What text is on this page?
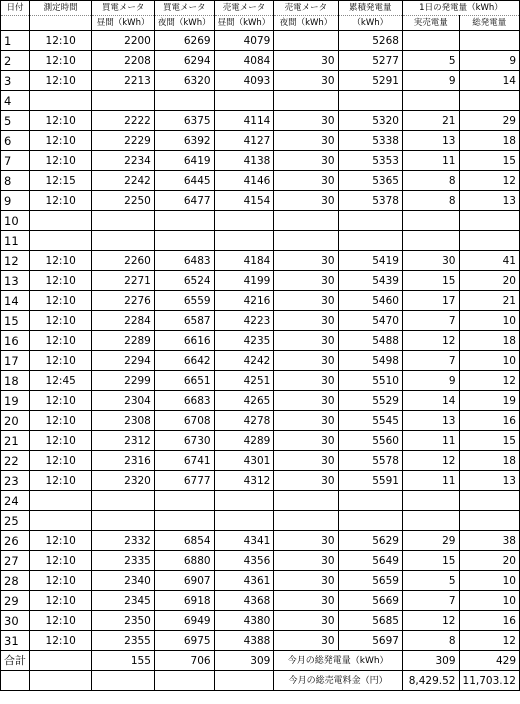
日付	測定時間	買電メータ	買電メータ	売電メータ	売電メータ	累積発電量	1日の発電量（kWh）	
		昼間（kWh）	夜間（kWh）	昼間（kWh）	夜間（kWh）	（kWh）	実売電量	総発電量
1	12:10	2200	6269	4079		5268		
2	12:10	2208	6294	4084	30	5277	5	9
3	12:10	2213	6320	4093	30	5291	9	14
4								
5	12:10	2222	6375	4114	30	5320	21	29
6	12:10	2229	6392	4127	30	5338	13	18
7	12:10	2234	6419	4138	30	5353	11	15
8	12:15	2242	6445	4146	30	5365	8	12
9	12:10	2250	6477	4154	30	5378	8	13
10								
11								
12	12:10	2260	6483	4184	30	5419	30	41
13	12:10	2271	6524	4199	30	5439	15	20
14	12:10	2276	6559	4216	30	5460	17	21
15	12:10	2284	6587	4223	30	5470	7	10
16	12:10	2289	6616	4235	30	5488	12	18
17	12:10	2294	6642	4242	30	5498	7	10
18	12:45	2299	6651	4251	30	5510	9	12
19	12:10	2304	6683	4265	30	5529	14	19
20	12:10	2308	6708	4278	30	5545	13	16
21	12:10	2312	6730	4289	30	5560	11	15
22	12:10	2316	6741	4301	30	5578	12	18
23	12:10	2320	6777	4312	30	5591	11	13
24								
25								
26	12:10	2332	6854	4341	30	5629	29	38
27	12:10	2335	6880	4356	30	5649	15	20
28	12:10	2340	6907	4361	30	5659	5	10
29	12:10	2345	6918	4368	30	5669	7	10
30	12:10	2350	6949	4380	30	5685	12	16
31	12:10	2355	6975	4388	30	5697	8	12
合計		155	706	309	今月の総発電量（kWh）		309	429
					今月の総売電料金（円）		8,429.52	11,703.12
